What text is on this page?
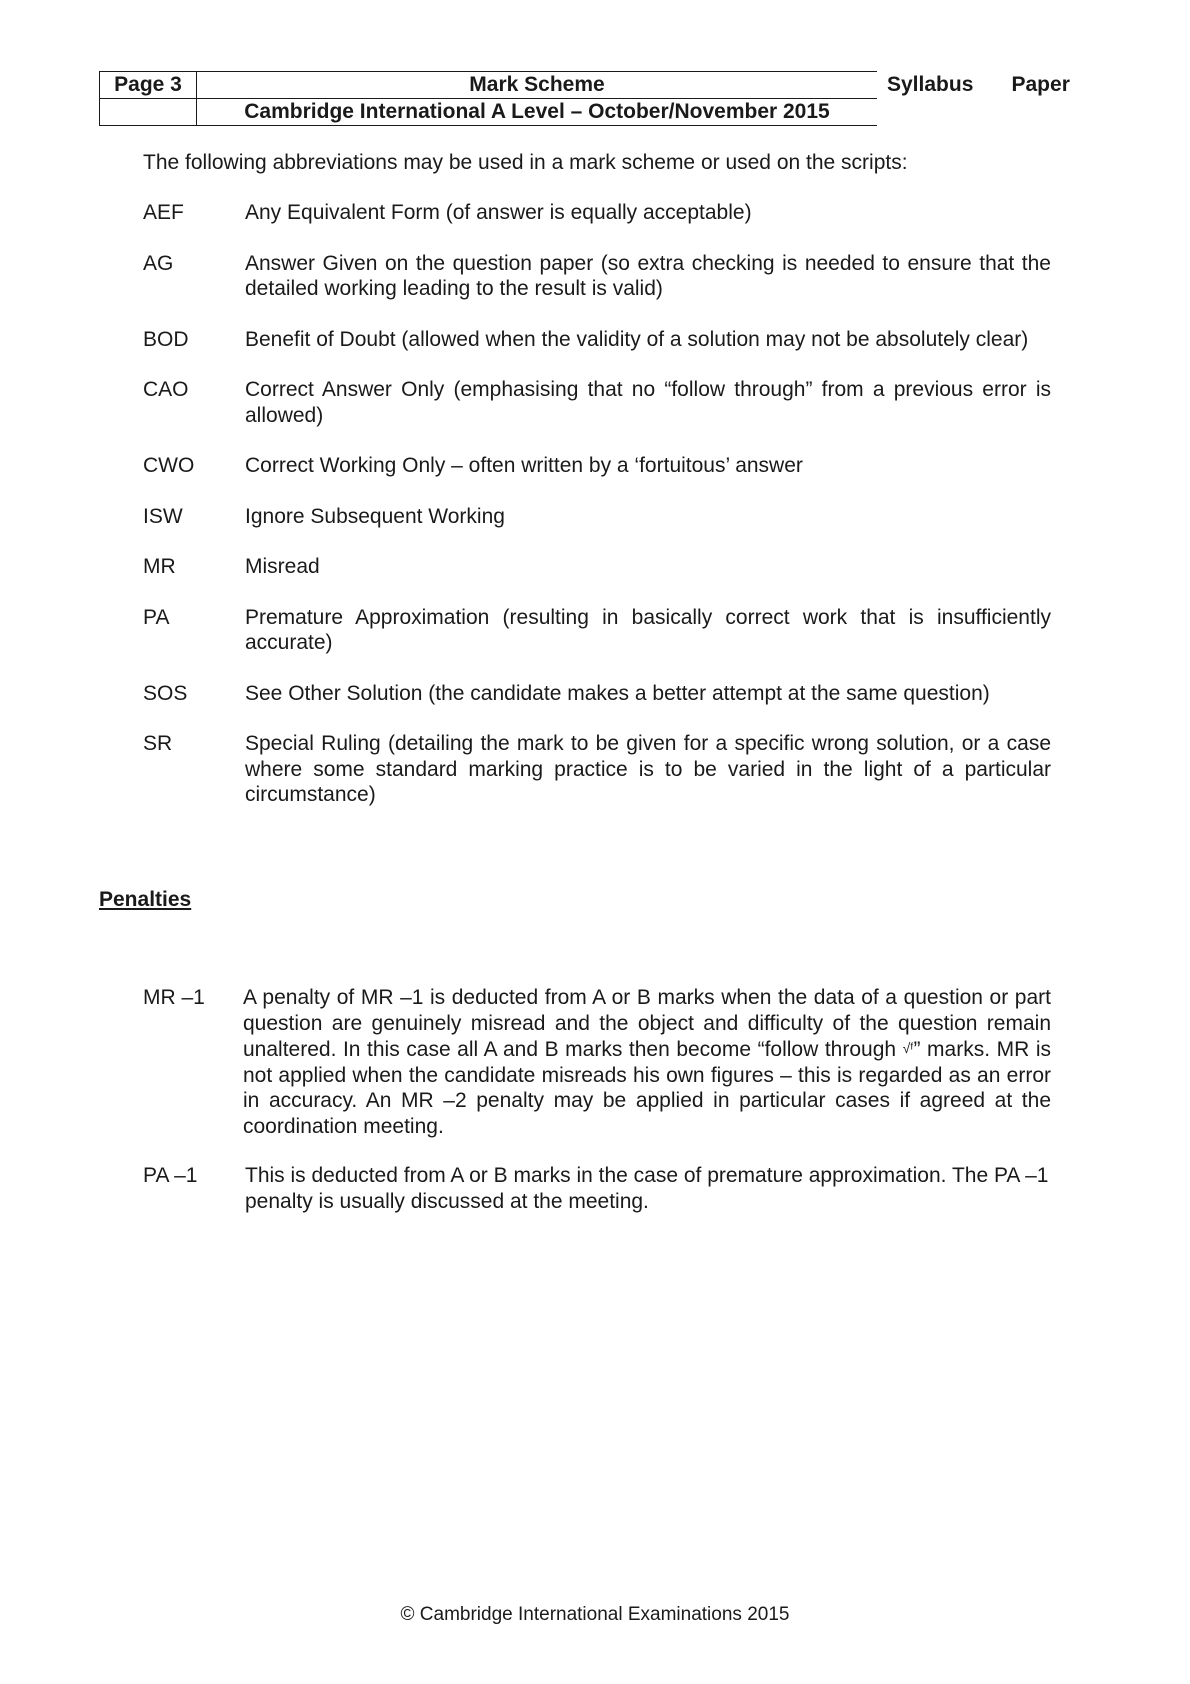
Page 3	Mark Scheme	Syllabus	Paper
	Cambridge International A Level – October/November 2015		

The following abbreviations may be used in a mark scheme or used on the scripts:

AEF	Any Equivalent Form (of answer is equally acceptable)
AG	Answer Given on the question paper (so extra checking is needed to ensure that the detailed working leading to the result is valid)
BOD	Benefit of Doubt (allowed when the validity of a solution may not be absolutely clear)
CAO	Correct Answer Only (emphasising that no “follow through” from a previous error is allowed)
CWO	Correct Working Only – often written by a ‘fortuitous’ answer
ISW	Ignore Subsequent Working
MR	Misread
PA	Premature Approximation (resulting in basically correct work that is insufficiently accurate)
SOS	See Other Solution (the candidate makes a better attempt at the same question)
SR	Special Ruling (detailing the mark to be given for a specific wrong solution, or a case where some standard marking practice is to be varied in the light of a particular circumstance)
Penalties
MR –1	A penalty of MR –1 is deducted from A or B marks when the data of a question or part question are genuinely misread and the object and difficulty of the question remain unaltered. In this case all A and B marks then become “follow through √ᶠ” marks. MR is not applied when the candidate misreads his own figures – this is regarded as an error in accuracy. An MR –2 penalty may be applied in particular cases if agreed at the coordination meeting.
PA –1	This is deducted from A or B marks in the case of premature approximation. The PA –1 penalty is usually discussed at the meeting.

© Cambridge International Examinations 2015
